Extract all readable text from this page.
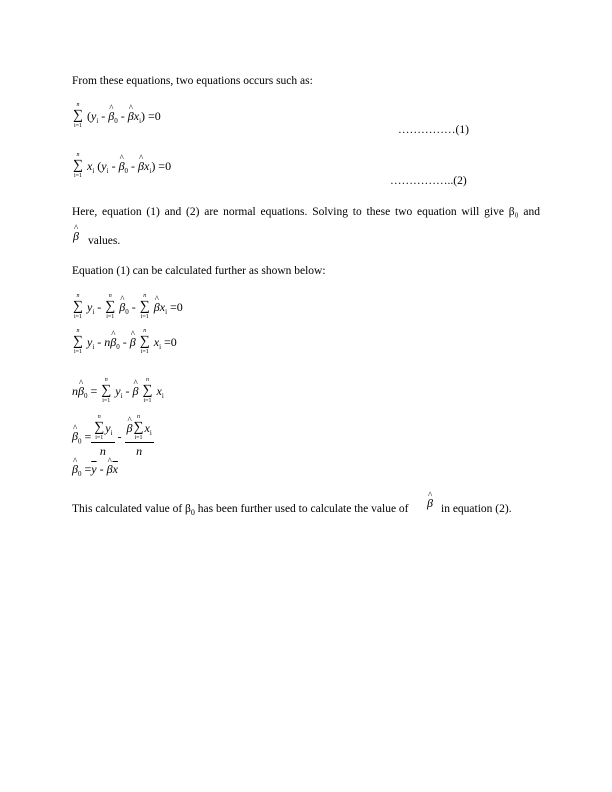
From these equations, two equations occurs such as:
n
∑
i=1
($y_i$ - ^ $\beta_0$ - ^ $\beta x_i) =0$
……………(1)
n
∑
i=1
$x_i$ ($y_i$ - ^ $\beta_0$ - ^ $\beta x_i) =0$
……………..(2)
Here, equation (1) and (2) are normal equations. Solving to these two equation will give β₀ and
^ β values.
Equation (1) can be calculated further as shown below:
n
∑
i=1
$y_i$ -
n
∑
i=1
^ $\beta_0$ -
n
∑
i=1
^ $\beta x_i =0$
n
∑
i=1
$y_i$ - n^ $\beta_0$ - ^ β
n
∑
i=1
$x_i =0$
n^ $\beta_0$ =
n
∑
i=1
$y_i$ - ^ β
n
∑
i=1
$x_i$
^ $\beta_0 = n$
∑
i=1
$y_i$
n - ^ β
n
∑
i=1
$x_i$
n
^ $\beta_0 =\overline{y}$ - ^ $\beta\overline{x}$
This calculated value of $\beta_0$ has been further used to calculate the value of ^ β in equation (2).
